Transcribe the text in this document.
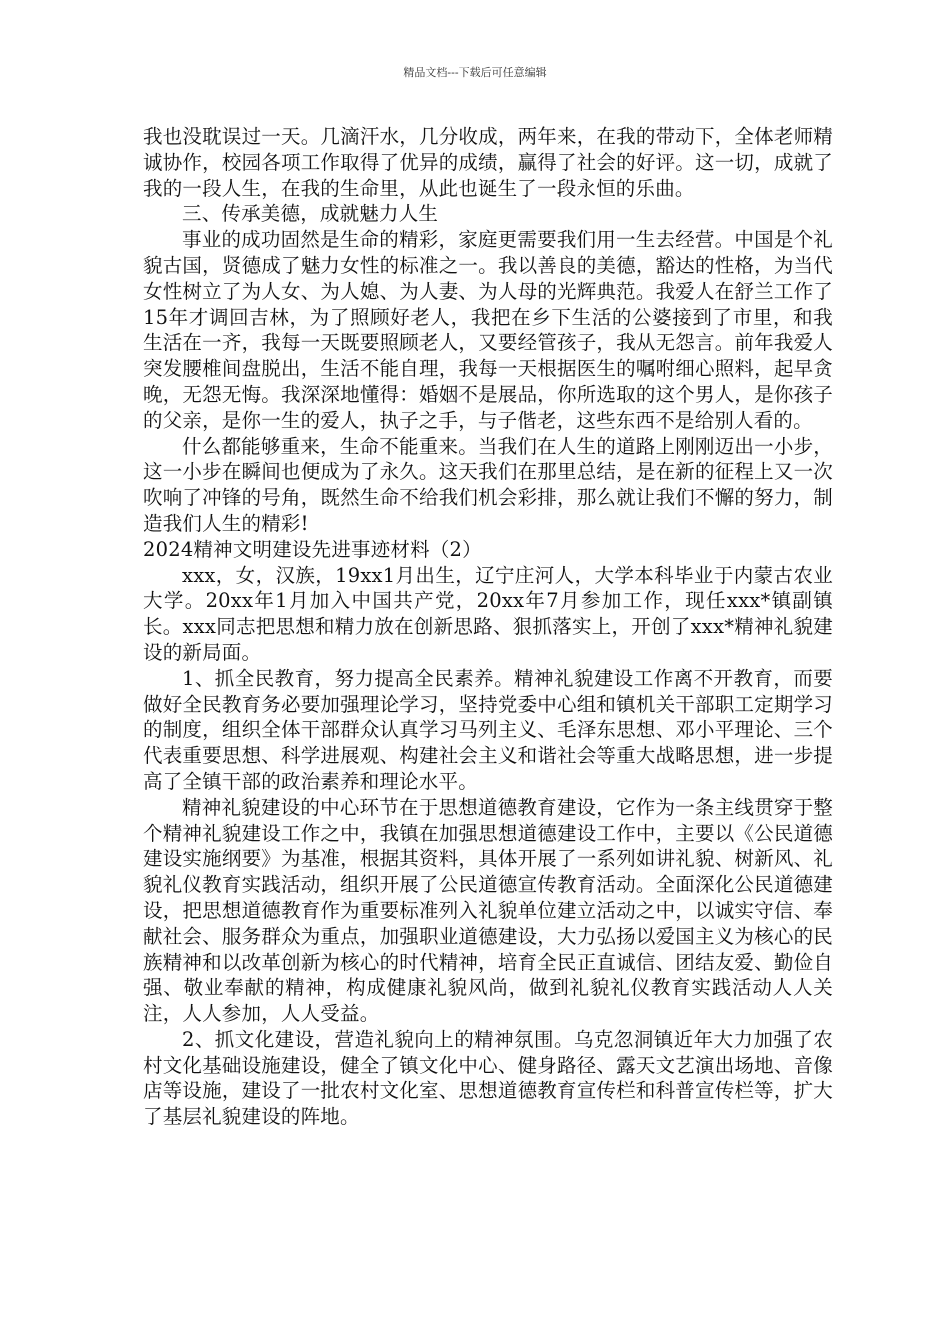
精品文档---下载后可任意编辑

我也没耽误过一天。几滴汗水，几分收成，两年来，在我的带动下，全体老师精诚协作，校园各项工作取得了优异的成绩，赢得了社会的好评。这一切，成就了我的一段人生，在我的生命里，从此也诞生了一段永恒的乐曲。

三、传承美德，成就魅力人生

事业的成功固然是生命的精彩，家庭更需要我们用一生去经营。中国是个礼貌古国，贤德成了魅力女性的标准之一。我以善良的美德，豁达的性格，为当代女性树立了为人女、为人媳、为人妻、为人母的光辉典范。我爱人在舒兰工作了15年才调回吉林，为了照顾好老人，我把在乡下生活的公婆接到了市里，和我生活在一齐，我每一天既要照顾老人，又要经管孩子，我从无怨言。前年我爱人突发腰椎间盘脱出，生活不能自理，我每一天根据医生的嘱咐细心照料，起早贪晚，无怨无悔。我深深地懂得：婚姻不是展品，你所选取的这个男人，是你孩子的父亲，是你一生的爱人，执子之手，与子偕老，这些东西不是给别人看的。

什么都能够重来，生命不能重来。当我们在人生的道路上刚刚迈出一小步，这一小步在瞬间也便成为了永久。这天我们在那里总结，是在新的征程上又一次吹响了冲锋的号角，既然生命不给我们机会彩排，那么就让我们不懈的努力，制造我们人生的精彩!

2024精神文明建设先进事迹材料（2）

xxx，女，汉族，19xx1月出生，辽宁庄河人，大学本科毕业于内蒙古农业大学。20xx年1月加入中国共产党，20xx年7月参加工作，现任xxx*镇副镇长。xxx同志把思想和精力放在创新思路、狠抓落实上，开创了xxx*精神礼貌建设的新局面。

1、抓全民教育，努力提高全民素养。精神礼貌建设工作离不开教育，而要做好全民教育务必要加强理论学习，坚持党委中心组和镇机关干部职工定期学习的制度，组织全体干部群众认真学习马列主义、毛泽东思想、邓小平理论、三个代表重要思想、科学进展观、构建社会主义和谐社会等重大战略思想，进一步提高了全镇干部的政治素养和理论水平。

精神礼貌建设的中心环节在于思想道德教育建设，它作为一条主线贯穿于整个精神礼貌建设工作之中，我镇在加强思想道德建设工作中，主要以《公民道德建设实施纲要》为基准，根据其资料，具体开展了一系列如讲礼貌、树新风、礼貌礼仪教育实践活动，组织开展了公民道德宣传教育活动。全面深化公民道德建设，把思想道德教育作为重要标准列入礼貌单位建立活动之中，以诚实守信、奉献社会、服务群众为重点，加强职业道德建设，大力弘扬以爱国主义为核心的民族精神和以改革创新为核心的时代精神，培育全民正直诚信、团结友爱、勤俭自强、敬业奉献的精神，构成健康礼貌风尚，做到礼貌礼仪教育实践活动人人关注，人人参加，人人受益。

2、抓文化建设，营造礼貌向上的精神氛围。乌克忽洞镇近年大力加强了农村文化基础设施建设，健全了镇文化中心、健身路径、露天文艺演出场地、音像店等设施，建设了一批农村文化室、思想道德教育宣传栏和科普宣传栏等，扩大了基层礼貌建设的阵地。
